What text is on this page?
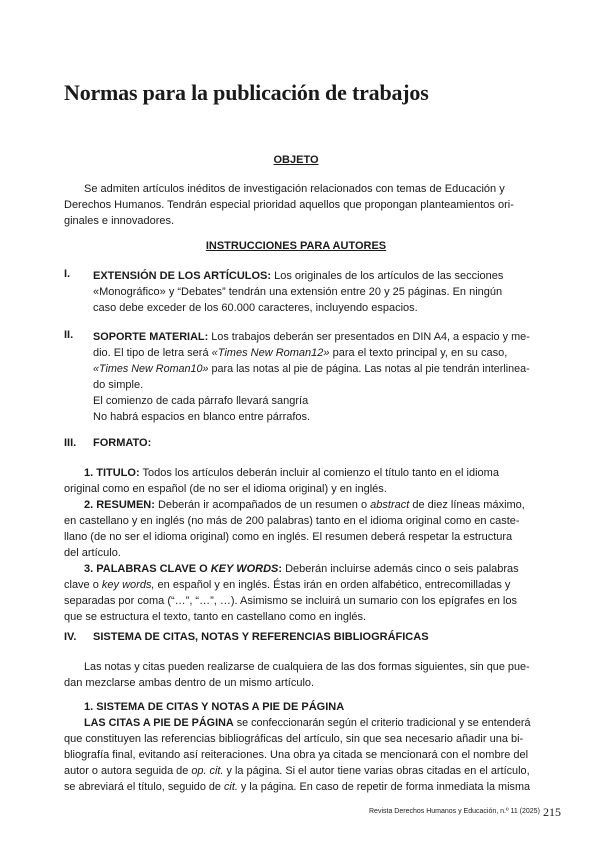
Normas para la publicación de trabajos
OBJETO
Se admiten artículos inéditos de investigación relacionados con temas de Educación y
Derechos Humanos. Tendrán especial prioridad aquellos que propongan planteamientos ori-
ginales e innovadores.
INSTRUCCIONES PARA AUTORES
I. EXTENSIÓN DE LOS ARTÍCULOS: Los originales de los artículos de las secciones
«Monográfico» y “Debates” tendrán una extensión entre 20 y 25 páginas. En ningún
caso debe exceder de los 60.000 caracteres, incluyendo espacios.
II. SOPORTE MATERIAL: Los trabajos deberán ser presentados en DIN A4, a espacio y me-
dio. El tipo de letra será «Times New Roman12» para el texto principal y, en su caso,
«Times New Roman10» para las notas al pie de página. Las notas al pie tendrán interlinea-
do simple.
El comienzo de cada párrafo llevará sangría
No habrá espacios en blanco entre párrafos.
III. FORMATO:
1. TITULO: Todos los artículos deberán incluir al comienzo el título tanto en el idioma
original como en español (de no ser el idioma original) y en inglés.
2. RESUMEN: Deberán ir acompañados de un resumen o abstract de diez líneas máximo,
en castellano y en inglés (no más de 200 palabras) tanto en el idioma original como en caste-
llano (de no ser el idioma original) como en inglés. El resumen deberá respetar la estructura
del artículo.
3. PALABRAS CLAVE O KEY WORDS: Deberán incluirse además cinco o seis palabras
clave o key words, en español y en inglés. Éstas irán en orden alfabético, entrecomilladas y
separadas por coma (“…”, “…”, …). Asimismo se incluirá un sumario con los epígrafes en los
que se estructura el texto, tanto en castellano como en inglés.
IV. SISTEMA DE CITAS, NOTAS Y REFERENCIAS BIBLIOGRÁFICAS
Las notas y citas pueden realizarse de cualquiera de las dos formas siguientes, sin que pue-
dan mezclarse ambas dentro de un mismo artículo.
1. SISTEMA DE CITAS Y NOTAS A PIE DE PÁGINA
LAS CITAS A PIE DE PÁGINA se confeccionarán según el criterio tradicional y se entenderá
que constituyen las referencias bibliográficas del artículo, sin que sea necesario añadir una bi-
bliografía final, evitando así reiteraciones. Una obra ya citada se mencionará con el nombre del
autor o autora seguida de op. cit. y la página. Si el autor tiene varias obras citadas en el artículo,
se abreviará el título, seguido de cit. y la página. En caso de repetir de forma inmediata la misma
Revista Derechos Humanos y Educación, n.º 11 (2025) 215
